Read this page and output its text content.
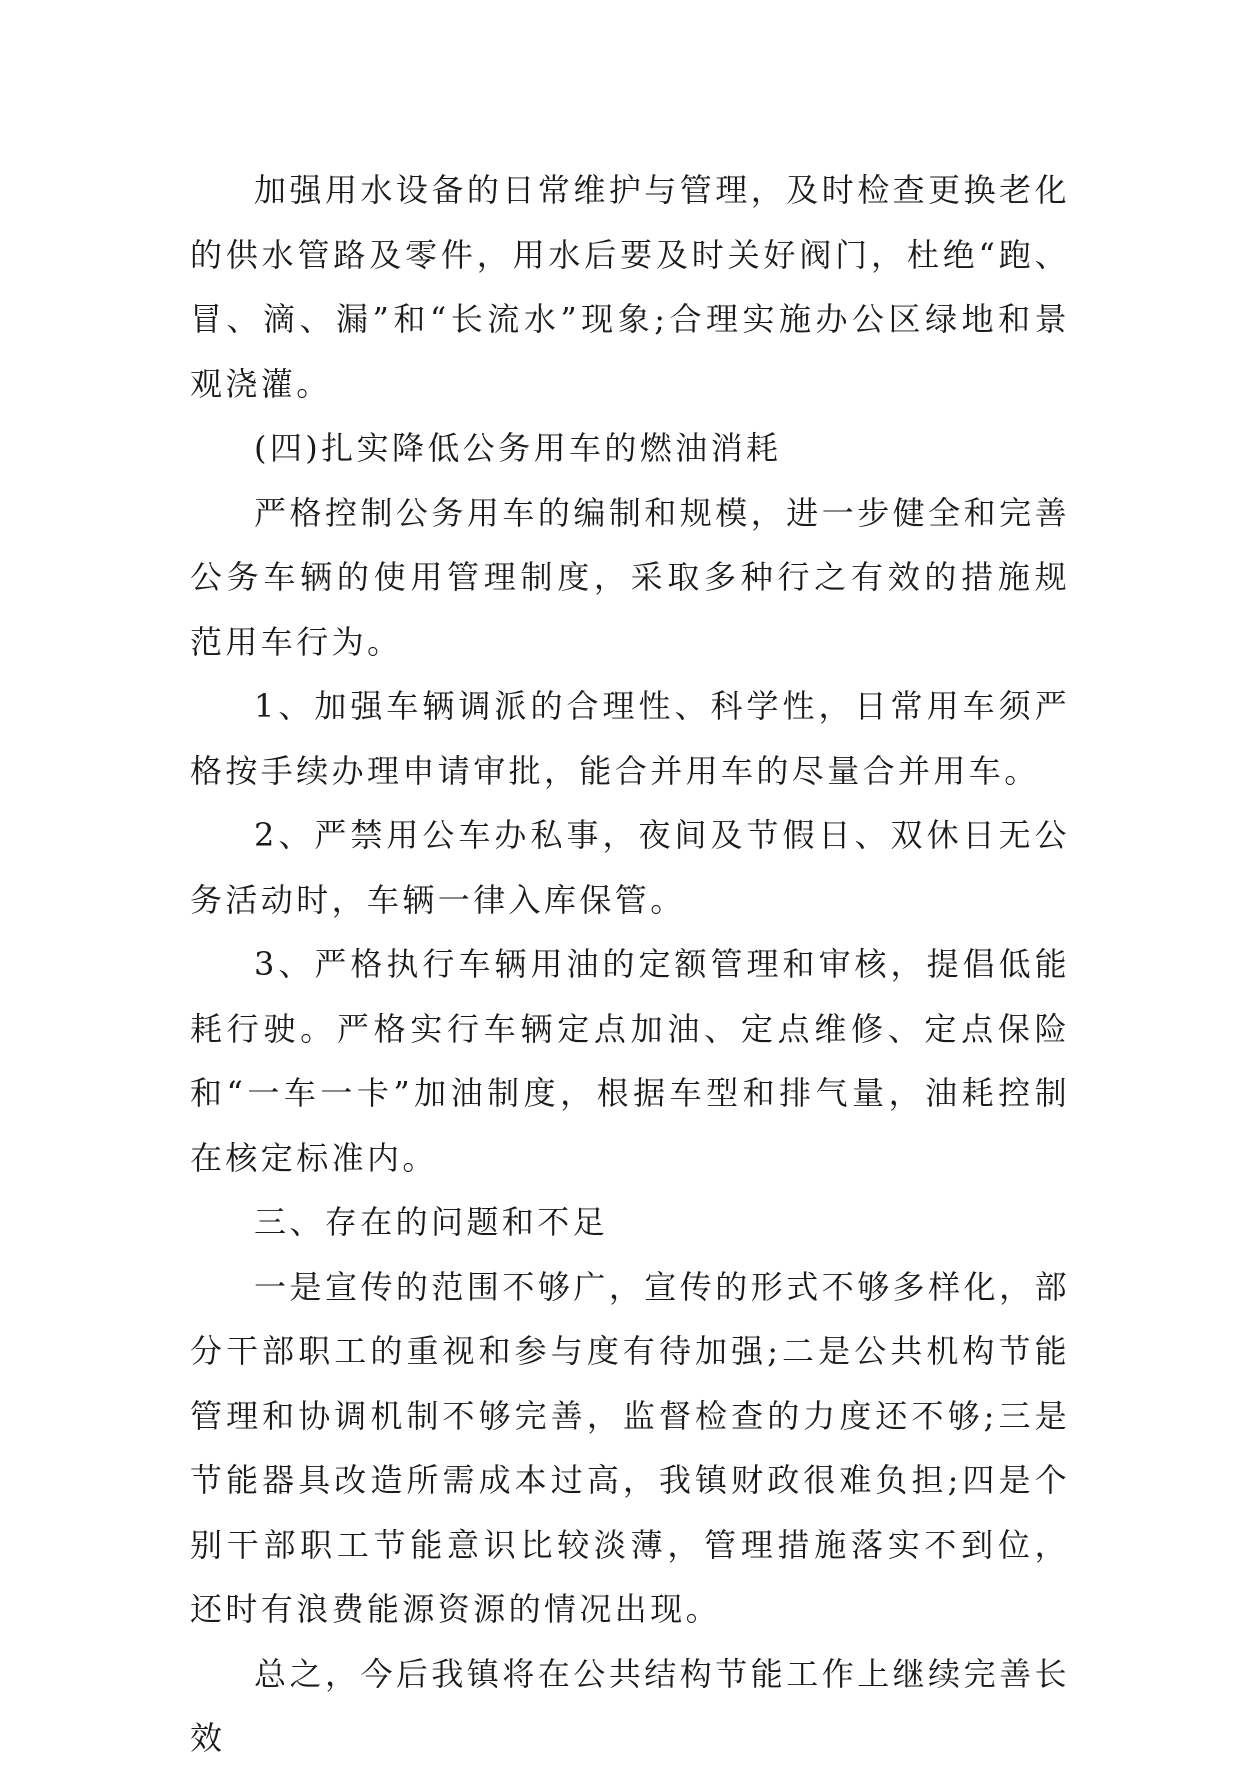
加强用水设备的日常维护与管理，及时检查更换老化的供水管路及零件，用水后要及时关好阀门，杜绝“跑、冒、滴、漏”和“长流水”现象;合理实施办公区绿地和景观浇灌。

(四)扎实降低公务用车的燃油消耗

严格控制公务用车的编制和规模，进一步健全和完善公务车辆的使用管理制度，采取多种行之有效的措施规范用车行为。

1、加强车辆调派的合理性、科学性，日常用车须严格按手续办理申请审批，能合并用车的尽量合并用车。

2、严禁用公车办私事，夜间及节假日、双休日无公务活动时，车辆一律入库保管。

3、严格执行车辆用油的定额管理和审核，提倡低能耗行驶。严格实行车辆定点加油、定点维修、定点保险和“一车一卡”加油制度，根据车型和排气量，油耗控制在核定标准内。

三、存在的问题和不足

一是宣传的范围不够广，宣传的形式不够多样化，部分干部职工的重视和参与度有待加强;二是公共机构节能管理和协调机制不够完善，监督检查的力度还不够;三是节能器具改造所需成本过高，我镇财政很难负担;四是个别干部职工节能意识比较淡薄，管理措施落实不到位，还时有浪费能源资源的情况出现。

总之，今后我镇将在公共结构节能工作上继续完善长效
